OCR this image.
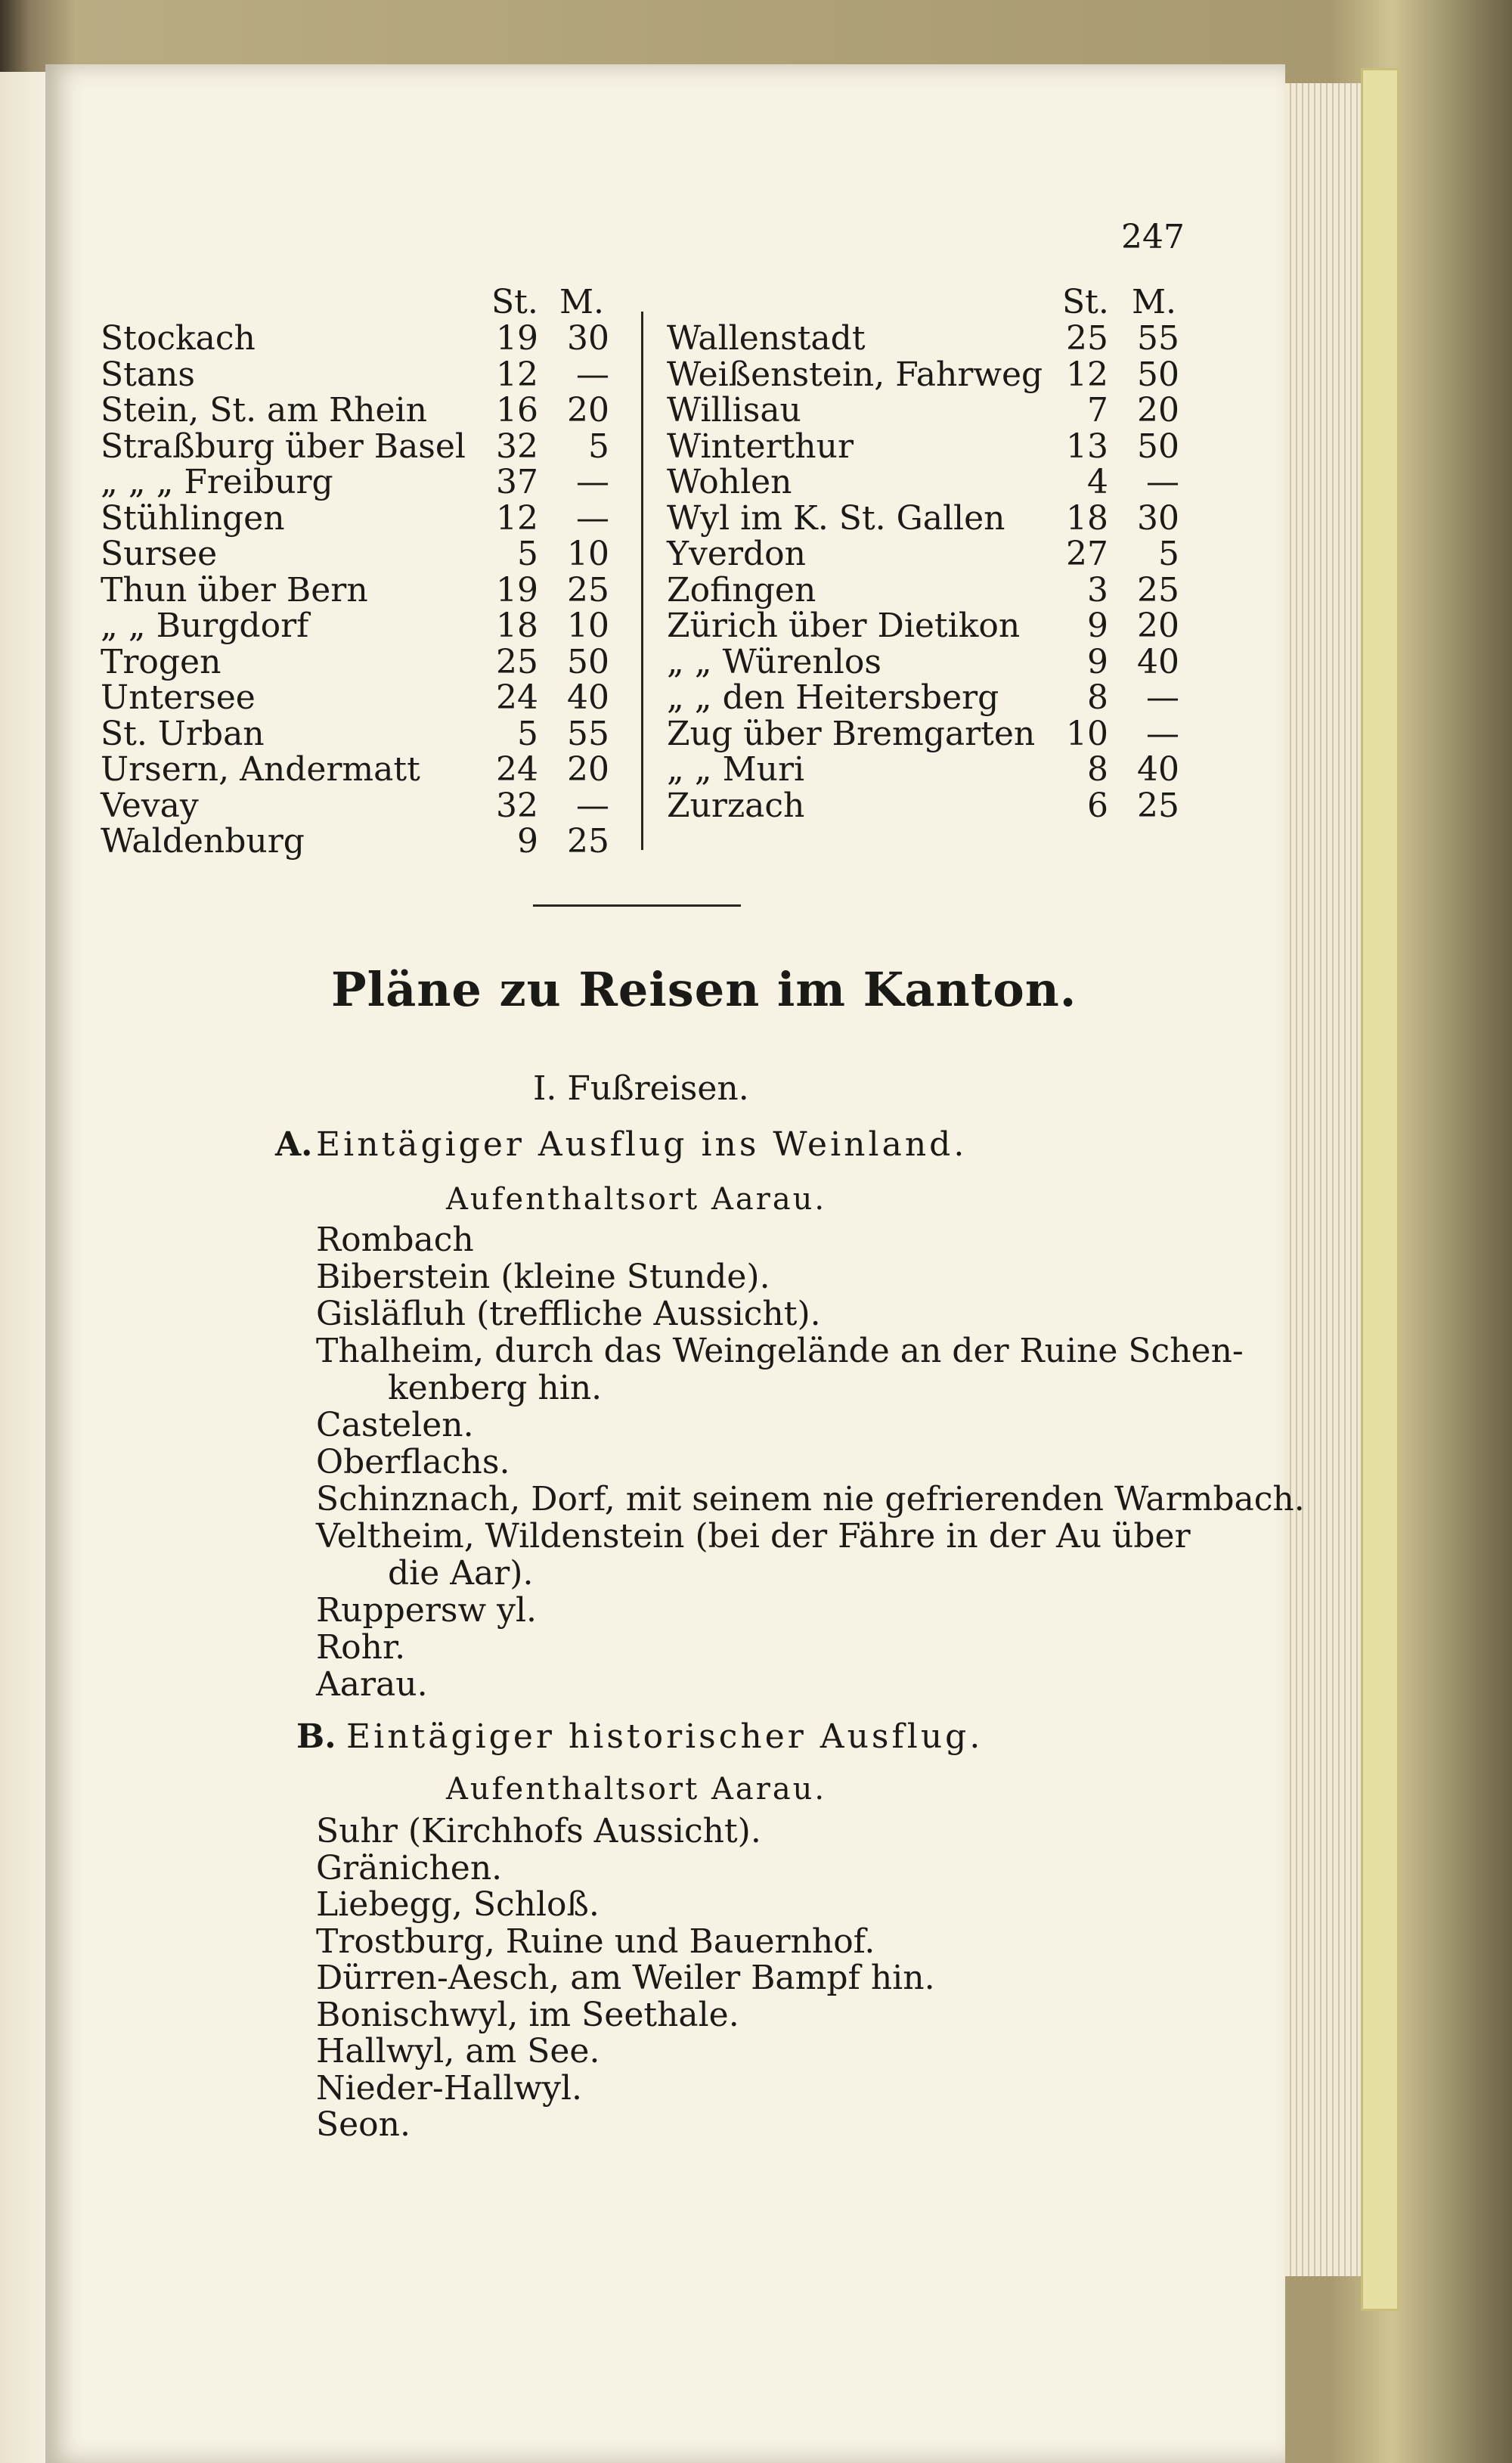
247
St. M.
Stockach	19 30
Stans	12	—
Stein, St. am Rhein	16 20
Straßburg über Basel 32	5
„ „ „ Freiburg	37	—
Stühlingen	12	—
Sursee	5 10
Thun über Bern	19 25
„ „ Burgdorf	18 10
Trogen	25 50
Untersee	24 40
St. Urban	5 55
Ursern, Andermatt	24 20
Vevay	32	—
Waldenburg	9 25
St. M.
Wallenstadt	25 55
Weißenstein, Fahrweg 12 50
Willisau	7 20
Winterthur	13 50
Wohlen	4	—
Wyl im K. St. Gallen	18 30
Yverdon	27	5
Zofingen	3 25
Zürich über Dietikon	9 20
„ „ Würenlos	9 40
„ „ den Heitersberg	8	—
Zug über Bremgarten 10	—
„ „ Muri	8 40
Zurzach	6 25
Pläne zu Reisen im Kanton.
I. Fußreisen.
A. Eintägiger Ausflug ins Weinland.
Aufenthaltsort Aarau.
Rombach
Biberstein (kleine Stunde).
Gisläfluh (treffliche Aussicht).
Thalheim, durch das Weingelände an der Ruine Schen-
kenberg hin.
Castelen.
Oberflachs.
Schinznach, Dorf, mit seinem nie gefrierenden Warmbach.
Veltheim, Wildenstein (bei der Fähre in der Au über
die Aar).
Ruppersw yl.
Rohr.
Aarau.
B. Eintägiger historischer Ausflug.
Aufenthaltsort Aarau.
Suhr (Kirchhofs Aussicht).
Gränichen.
Liebegg, Schloß.
Trostburg, Ruine und Bauernhof.
Dürren-Aesch, am Weiler Bampf hin.
Bonischwyl, im Seethale.
Hallwyl, am See.
Nieder-Hallwyl.
Seon.
